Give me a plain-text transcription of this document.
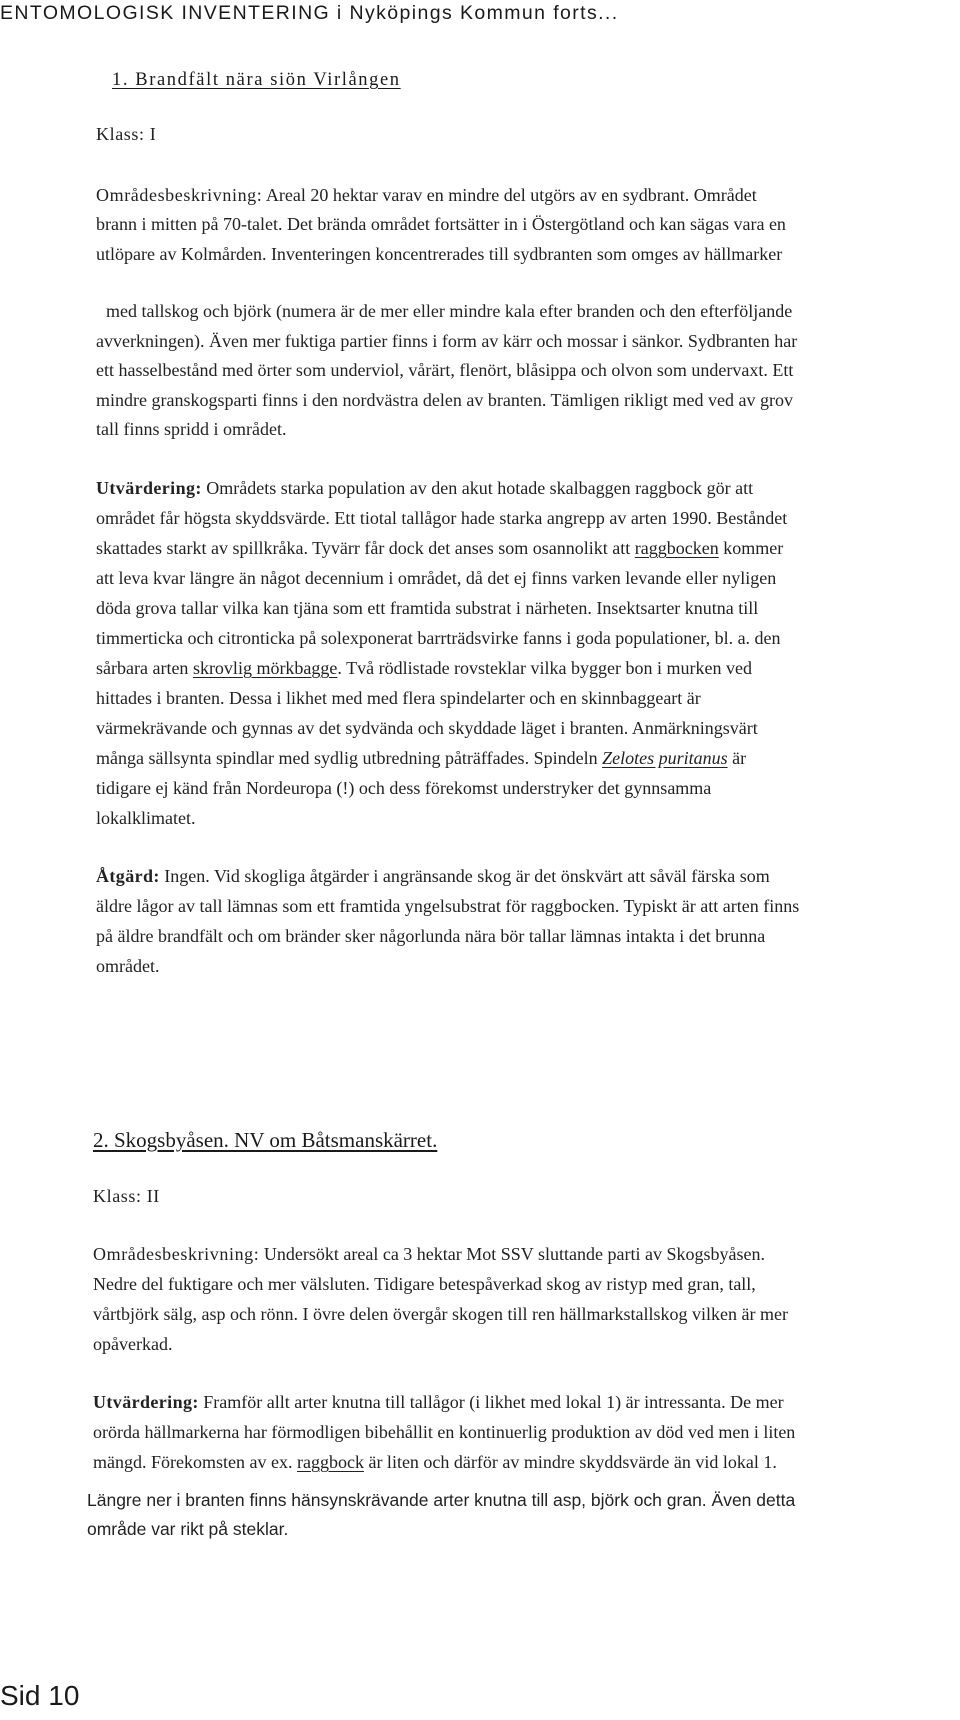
ENTOMOLOGISK INVENTERING i Nyköpings Kommun forts...
1. Brandfält nära siön Virlången
Klass: I
Områdesbeskrivning: Areal 20 hektar varav en mindre del utgörs av en sydbrant. Området
brann i mitten på 70-talet. Det brända området fortsätter in i Östergötland och kan sägas vara en
utlöpare av Kolmården. Inventeringen koncentrerades till sydbranten som omges av hällmarker
med tallskog och björk (numera är de mer eller mindre kala efter branden och den efterföljande
avverkningen). Även mer fuktiga partier finns i form av kärr och mossar i sänkor. Sydbranten har
ett hasselbestånd med örter som underviol, vårärt, flenört, blåsippa och olvon som undervaxt. Ett
mindre granskogsparti finns i den nordvästra delen av branten. Tämligen rikligt med ved av grov
tall finns spridd i området.
Utvärdering: Områdets starka population av den akut hotade skalbaggen raggbock gör att
området får högsta skyddsvärde. Ett tiotal tallågor hade starka angrepp av arten 1990. Beståndet
skattades starkt av spillkråka. Tyvärr får dock det anses som osannolikt att raggbocken kommer
att leva kvar längre än något decennium i området, då det ej finns varken levande eller nyligen
döda grova tallar vilka kan tjäna som ett framtida substrat i närheten. Insektsarter knutna till
timmerticka och citronticka på solexponerat barrträdsvirke fanns i goda populationer, bl. a. den
sårbara arten skrovlig mörkbagge. Två rödlistade rovsteklar vilka bygger bon i murken ved
hittades i branten. Dessa i likhet med med flera spindelarter och en skinnbaggeart är
värmekrävande och gynnas av det sydvända och skyddade läget i branten. Anmärkningsvärt
många sällsynta spindlar med sydlig utbredning påträffades. Spindeln Zelotes puritanus är
tidigare ej känd från Nordeuropa (!) och dess förekomst understryker det gynnsamma
lokalklimatet.
Åtgärd: Ingen. Vid skogliga åtgärder i angränsande skog är det önskvärt att såväl färska som
äldre lågor av tall lämnas som ett framtida yngelsubstrat för raggbocken. Typiskt är att arten finns
på äldre brandfält och om bränder sker någorlunda nära bör tallar lämnas intakta i det brunna
området.
2. Skogsbyåsen. NV om Båtsmanskärret.
Klass: II
Områdesbeskrivning: Undersökt areal ca 3 hektar Mot SSV sluttande parti av Skogsbyåsen.
Nedre del fuktigare och mer välsluten. Tidigare betespåverkad skog av ristyp med gran, tall,
vårtbjörk sälg, asp och rönn. I övre delen övergår skogen till ren hällmarkstallskog vilken är mer
opåverkad.
Utvärdering: Framför allt arter knutna till tallågor (i likhet med lokal 1) är intressanta. De mer
orörda hällmarkerna har förmodligen bibehållit en kontinuerlig produktion av död ved men i liten
mängd. Förekomsten av ex. raggbock är liten och därför av mindre skyddsvärde än vid lokal 1.
Längre ner i branten finns hänsynskrävande arter knutna till asp, björk och gran. Även detta
område var rikt på steklar.
Sid 10
